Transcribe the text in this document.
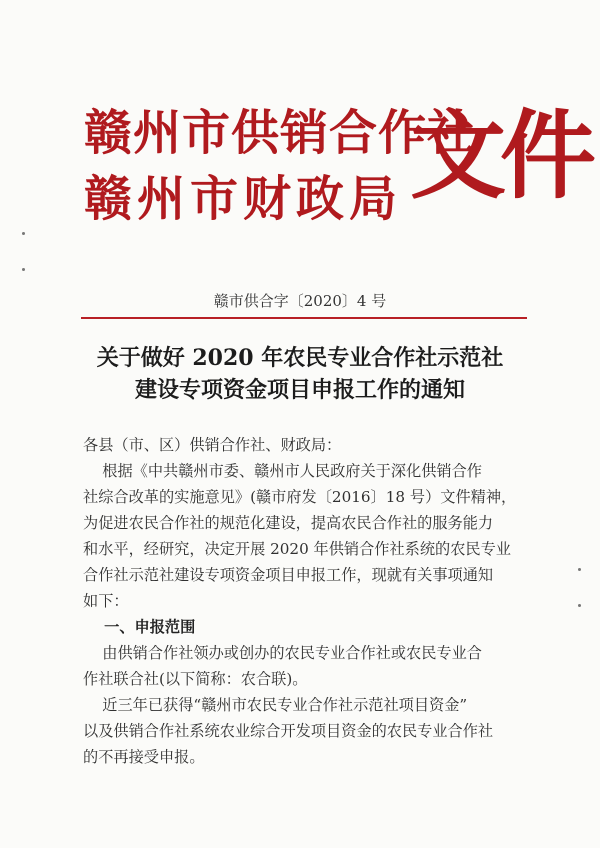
赣州市供销合作社
赣州市财政局 文件
赣市供合字〔2020〕4 号
关于做好 2020 年农民专业合作社示范社
建设专项资金项目申报工作的通知
各县（市、区）供销合作社、财政局：
根据《中共赣州市委、赣州市人民政府关于深化供销合作
社综合改革的实施意见》(赣市府发〔2016〕18 号）文件精神，
为促进农民合作社的规范化建设，提高农民合作社的服务能力
和水平，经研究，决定开展 2020 年供销合作社系统的农民专业
合作社示范社建设专项资金项目申报工作，现就有关事项通知
如下：
一、申报范围
由供销合作社领办或创办的农民专业合作社或农民专业合
作社联合社(以下简称：农合联)。
近三年已获得“赣州市农民专业合作社示范社项目资金”
以及供销合作社系统农业综合开发项目资金的农民专业合作社
的不再接受申报。
